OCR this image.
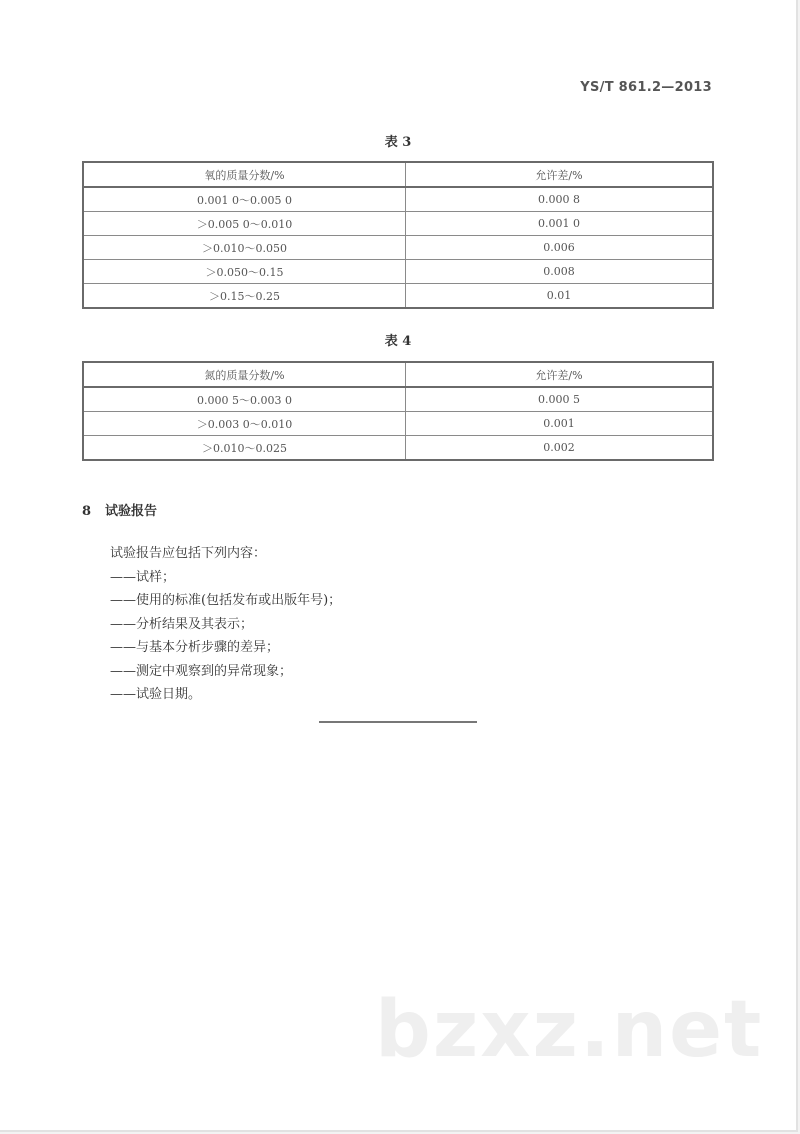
YS/T 861.2—2013
表 3
氧的质量分数/%	允许差/%
0.001 0～0.005 0	0.000 8
＞0.005 0～0.010	0.001 0
＞0.010～0.050	0.006
＞0.050～0.15	0.008
＞0.15～0.25	0.01
表 4
氮的质量分数/%	允许差/%
0.000 5～0.003 0	0.000 5
＞0.003 0～0.010	0.001
＞0.010～0.025	0.002
8 试验报告
试验报告应包括下列内容：
——试样；
——使用的标准(包括发布或出版年号)；
——分析结果及其表示；
——与基本分析步骤的差异；
——测定中观察到的异常现象；
——试验日期。
bzxz.net
